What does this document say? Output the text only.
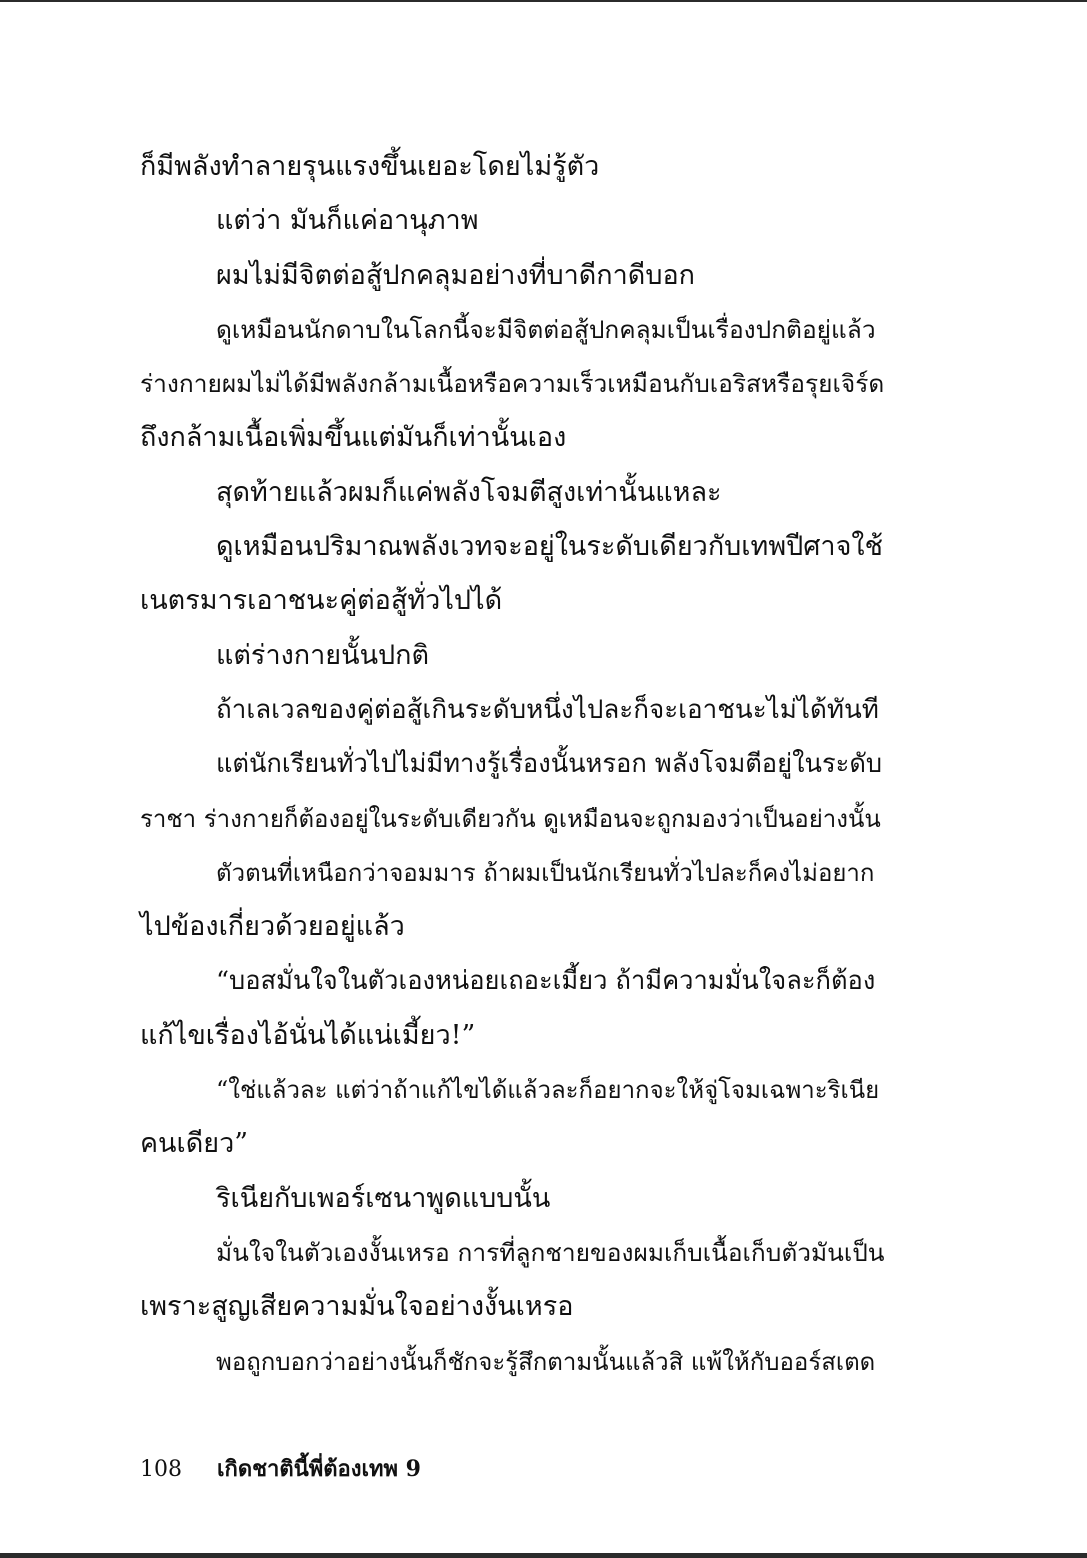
ก็มีพลังทำลายรุนแรงขึ้นเยอะโดยไม่รู้ตัว
แต่ว่า มันก็แค่อานุภาพ
ผมไม่มีจิตต่อสู้ปกคลุมอย่างที่บาดีกาดีบอก
ดูเหมือนนักดาบในโลกนี้จะมีจิตต่อสู้ปกคลุมเป็นเรื่องปกติอยู่แล้ว
ร่างกายผมไม่ได้มีพลังกล้ามเนื้อหรือความเร็วเหมือนกับเอริสหรือรุยเจิร์ด
ถึงกล้ามเนื้อเพิ่มขึ้นแต่มันก็เท่านั้นเอง
สุดท้ายแล้วผมก็แค่พลังโจมตีสูงเท่านั้นแหละ
ดูเหมือนปริมาณพลังเวทจะอยู่ในระดับเดียวกับเทพปีศาจใช้
เนตรมารเอาชนะคู่ต่อสู้ทั่วไปได้
แต่ร่างกายนั้นปกติ
ถ้าเลเวลของคู่ต่อสู้เกินระดับหนึ่งไปละก็จะเอาชนะไม่ได้ทันที
แต่นักเรียนทั่วไปไม่มีทางรู้เรื่องนั้นหรอก พลังโจมตีอยู่ในระดับ
ราชา ร่างกายก็ต้องอยู่ในระดับเดียวกัน ดูเหมือนจะถูกมองว่าเป็นอย่างนั้น
ตัวตนที่เหนือกว่าจอมมาร ถ้าผมเป็นนักเรียนทั่วไปละก็คงไม่อยาก
ไปข้องเกี่ยวด้วยอยู่แล้ว
“บอสมั่นใจในตัวเองหน่อยเถอะเมี้ยว ถ้ามีความมั่นใจละก็ต้อง
แก้ไขเรื่องไอ้นั่นได้แน่เมี้ยว!”
“ใช่แล้วละ แต่ว่าถ้าแก้ไขได้แล้วละก็อยากจะให้จู่โจมเฉพาะริเนีย
คนเดียว”
ริเนียกับเพอร์เซนาพูดแบบนั้น
มั่นใจในตัวเองงั้นเหรอ การที่ลูกชายของผมเก็บเนื้อเก็บตัวมันเป็น
เพราะสูญเสียความมั่นใจอย่างงั้นเหรอ
พอถูกบอกว่าอย่างนั้นก็ชักจะรู้สึกตามนั้นแล้วสิ แพ้ให้กับออร์สเตด
108 เกิดชาตินี้พี่ต้องเทพ 9
